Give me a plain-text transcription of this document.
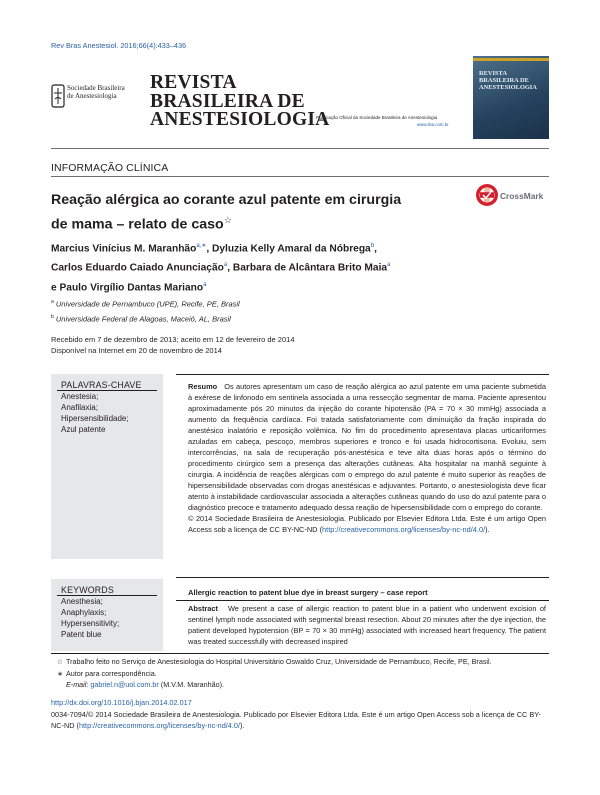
Rev Bras Anestesiol. 2016;66(4):433–436
Sociedade Brasileira
de Anestesiologia
REVISTA
BRASILEIRA DE
ANESTESIOLOGIA
Publicação Oficial da Sociedade Brasileira de Anestesiologia
www.sba.com.br
REVISTA
BRASILEIRA DE
ANESTESIOLOGIA
INFORMAÇÃO CLÍNICA
Reação alérgica ao corante azul patente em cirurgia
de mama – relato de caso☆
CrossMark
Marcius Vinícius M. Maranhão$^{a,∗}$, Dyluzia Kelly Amaral da Nóbrega$^b$,
Carlos Eduardo Caiado Anunciação$^a$, Barbara de Alcântara Brito Maia$^a$
e Paulo Virgílio Dantas Mariano$^a$
$^a$ Universidade de Pernambuco (UPE), Recife, PE, Brasil
$^b$ Universidade Federal de Alagoas, Maceió, AL, Brasil
Recebido em 7 de dezembro de 2013; aceito em 12 de fevereiro de 2014
Disponível na Internet em 20 de novembro de 2014
PALAVRAS-CHAVE
Anestesia;
Anafilaxia;
Hipersensibilidade;
Azul patente
Resumo Os autores apresentam um caso de reação alérgica ao azul patente em uma paciente submetida à exérese de linfonodo em sentinela associada a uma ressecção segmentar de mama. Paciente apresentou aproximadamente pós 20 minutos da injeção do corante hipotensão (PA = 70 × 30 mmHg) associada a aumento da frequência cardíaca. Foi tratada satisfatoriamente com diminuição da fração inspirada do anestésico inalatório e reposição volêmica. No fim do procedimento apresentava placas urticariformes azuladas em cabeça, pescoço, membros superiores e tronco e foi usada hidrocortisona. Evoluiu, sem intercorrências, na sala de recuperação pós-anestésica e teve alta duas horas após o término do procedimento cirúrgico sem a presença das alterações cutâneas. Alta hospitalar na manhã seguinte à cirurgia. A incidência de reações alérgicas com o emprego do azul patente é muito superior às reações de hipersensibilidade observadas com drogas anestésicas e adjuvantes. Portanto, o anestesiologista deve ficar atento à instabilidade cardiovascular associada a alterações cutâneas quando do uso do azul patente para o diagnóstico precoce e tratamento adequado dessa reação de hipersensibilidade com o emprego do corante.
© 2014 Sociedade Brasileira de Anestesiologia. Publicado por Elsevier Editora Ltda. Este é um artigo Open Access sob a licença de CC BY-NC-ND (http://creativecommons.org/licenses/by-nc-nd/4.0/).
KEYWORDS
Anesthesia;
Anaphylaxis;
Hypersensitivity;
Patent blue
Allergic reaction to patent blue dye in breast surgery – case report
Abstract We present a case of allergic reaction to patent blue in a patient who underwent excision of sentinel lymph node associated with segmental breast resection. About 20 minutes after the dye injection, the patient developed hypotension (BP = 70 × 30 mmHg) associated with increased heart frequency. The patient was treated successfully with decreased inspired
☆ Trabalho feito no Serviço de Anestesiologia do Hospital Universitário Oswaldo Cruz, Universidade de Pernambuco, Recife, PE, Brasil.
∗ Autor para correspondência.
E-mail: gabriel.n@uol.com.br (M.V.M. Maranhão).
http://dx.doi.org/10.1016/j.bjan.2014.02.017
0034-7094/© 2014 Sociedade Brasileira de Anestesiologia. Publicado por Elsevier Editora Ltda. Este é um artigo Open Access sob a licença de CC BY-NC-ND (http://creativecommons.org/licenses/by-nc-nd/4.0/).
